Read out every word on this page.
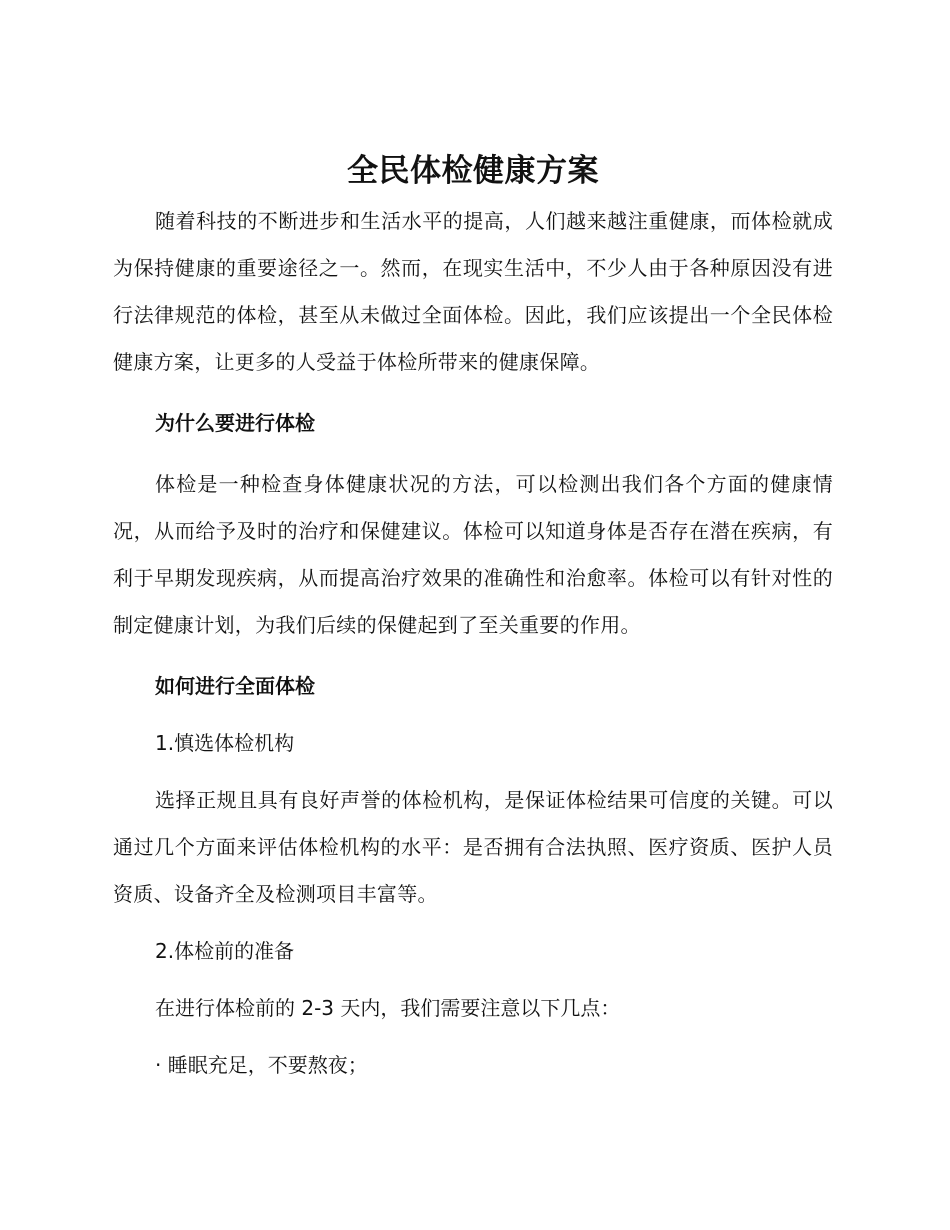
全民体检健康方案

随着科技的不断进步和生活水平的提高，人们越来越注重健康，而体检就成为保持健康的重要途径之一。然而，在现实生活中，不少人由于各种原因没有进行法律规范的体检，甚至从未做过全面体检。因此，我们应该提出一个全民体检健康方案，让更多的人受益于体检所带来的健康保障。

为什么要进行体检

体检是一种检查身体健康状况的方法，可以检测出我们各个方面的健康情况，从而给予及时的治疗和保健建议。体检可以知道身体是否存在潜在疾病，有利于早期发现疾病，从而提高治疗效果的准确性和治愈率。体检可以有针对性的制定健康计划，为我们后续的保健起到了至关重要的作用。

如何进行全面体检

1.慎选体检机构

选择正规且具有良好声誉的体检机构，是保证体检结果可信度的关键。可以通过几个方面来评估体检机构的水平：是否拥有合法执照、医疗资质、医护人员资质、设备齐全及检测项目丰富等。

2.体检前的准备

在进行体检前的 2-3 天内，我们需要注意以下几点：

· 睡眠充足，不要熬夜；
